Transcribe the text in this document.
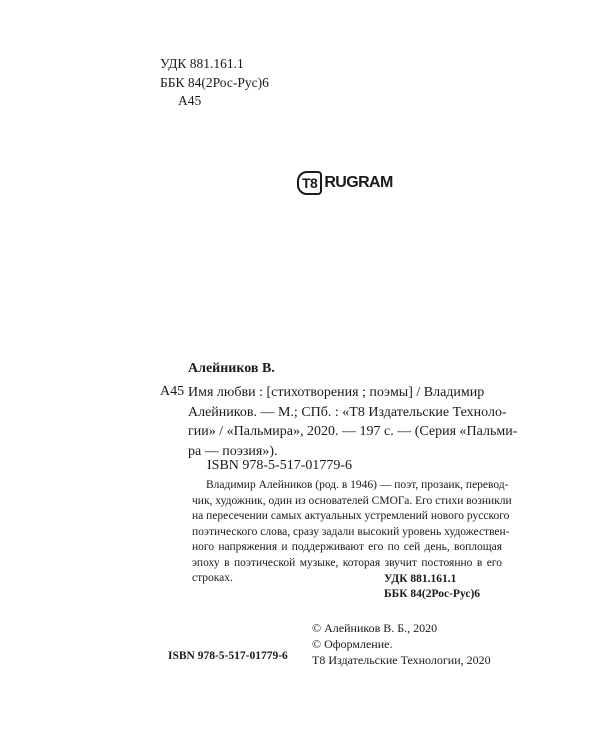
УДК 881.161.1
ББК 84(2Рос-Рус)6
А45
T8 RUGRAM
Алейников В.
А45 Имя любви : [стихотворения ; поэмы] / Владимир
Алейников. — М.; СПб. : «Т8 Издательские Техноло-
гии» / «Пальмира», 2020. — 197 с. — (Серия «Пальми-
ра — поэзия»).
ISBN 978-5-517-01779-6
Владимир Алейников (род. в 1946) — поэт, прозаик, перевод-
чик, художник, один из основателей СМОГа. Его стихи возникли
на пересечении самых актуальных устремлений нового русского
поэтического слова, сразу задали высокий уровень художествен-
ного напряжения и поддерживают его по сей день, воплощая
эпоху в поэтической музыке, которая звучит постоянно в его
строках.	УДК 881.161.1
ББК 84(2Рос-Рус)6
© Алейников В. Б., 2020
© Оформление.
Т8 Издательские Технологии, 2020
ISBN 978-5-517-01779-6
